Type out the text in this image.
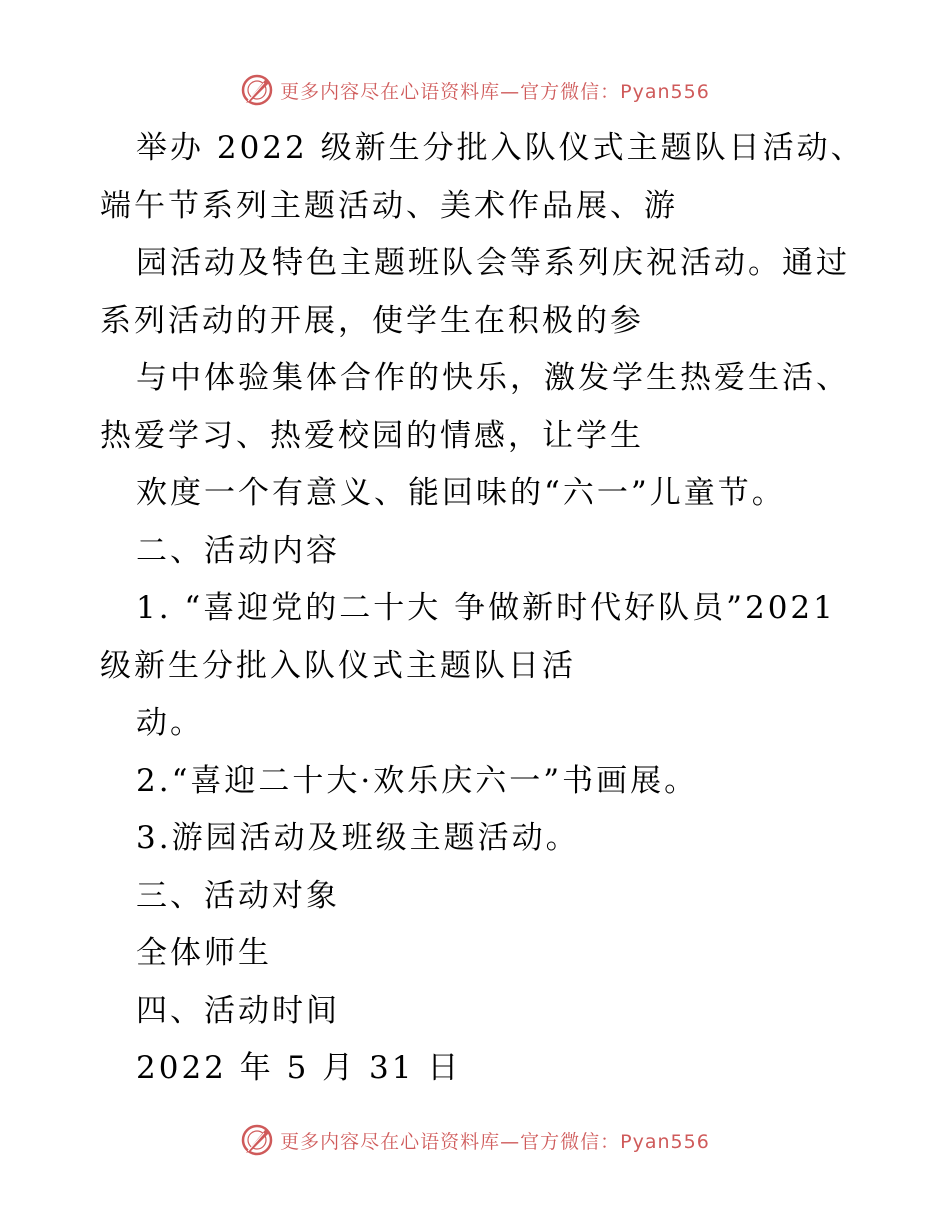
更多内容尽在心语资料库—官方微信：Pyan556
举办 2022 级新生分批入队仪式主题队日活动、
端午节系列主题活动、美术作品展、游
园活动及特色主题班队会等系列庆祝活动。通过
系列活动的开展，使学生在积极的参
与中体验集体合作的快乐，激发学生热爱生活、
热爱学习、热爱校园的情感，让学生
欢度一个有意义、能回味的“六一”儿童节。
二、活动内容
1. “喜迎党的二十大 争做新时代好队员”2021
级新生分批入队仪式主题队日活
动。
2.“喜迎二十大·欢乐庆六一”书画展。
3.游园活动及班级主题活动。
三、活动对象
全体师生
四、活动时间
2022 年 5 月 31 日
更多内容尽在心语资料库—官方微信：Pyan556
